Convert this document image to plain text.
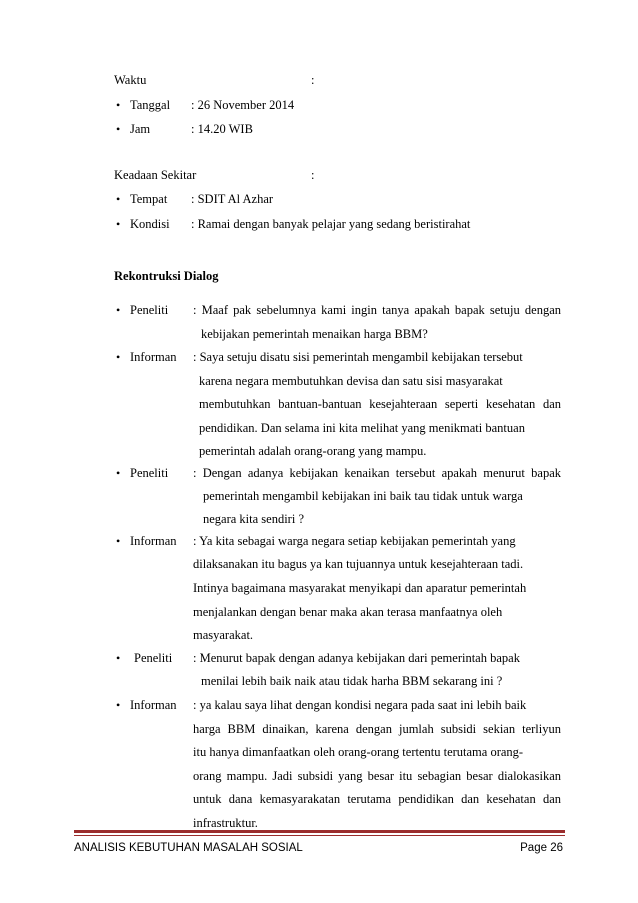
Waktu	:
• Tanggal : 26 November 2014
• Jam	: 14.20 WIB
Keadaan Sekitar	:
• Tempat : SDIT Al Azhar
• Kondisi : Ramai dengan banyak pelajar yang sedang beristirahat
Rekontruksi Dialog
• Peneliti : Maaf pak sebelumnya kami ingin tanya apakah bapak setuju dengan
kebijakan pemerintah menaikan harga BBM?
• Informan : Saya setuju disatu sisi pemerintah mengambil kebijakan tersebut
karena negara membutuhkan devisa dan satu sisi masyarakat
membutuhkan bantuan-bantuan kesejahteraan seperti kesehatan dan
pendidikan. Dan selama ini kita melihat yang menikmati bantuan
pemerintah adalah orang-orang yang mampu.
• Peneliti : Dengan adanya kebijakan kenaikan tersebut apakah menurut bapak
pemerintah mengambil kebijakan ini baik tau tidak untuk warga
negara kita sendiri ?
• Informan : Ya kita sebagai warga negara setiap kebijakan pemerintah yang
dilaksanakan itu bagus ya kan tujuannya untuk kesejahteraan tadi.
Intinya bagaimana masyarakat menyikapi dan aparatur pemerintah
menjalankan dengan benar maka akan terasa manfaatnya oleh
masyarakat.
• Peneliti : Menurut bapak dengan adanya kebijakan dari pemerintah bapak
menilai lebih baik naik atau tidak harha BBM sekarang ini ?
• Informan : ya kalau saya lihat dengan kondisi negara pada saat ini lebih baik
harga BBM dinaikan, karena dengan jumlah subsidi sekian terliyun
itu hanya dimanfaatkan oleh orang-orang tertentu terutama orang-
orang mampu. Jadi subsidi yang besar itu sebagian besar dialokasikan
untuk dana kemasyarakatan terutama pendidikan dan kesehatan dan
infrastruktur.
ANALISIS KEBUTUHAN MASALAH SOSIAL	Page 26
